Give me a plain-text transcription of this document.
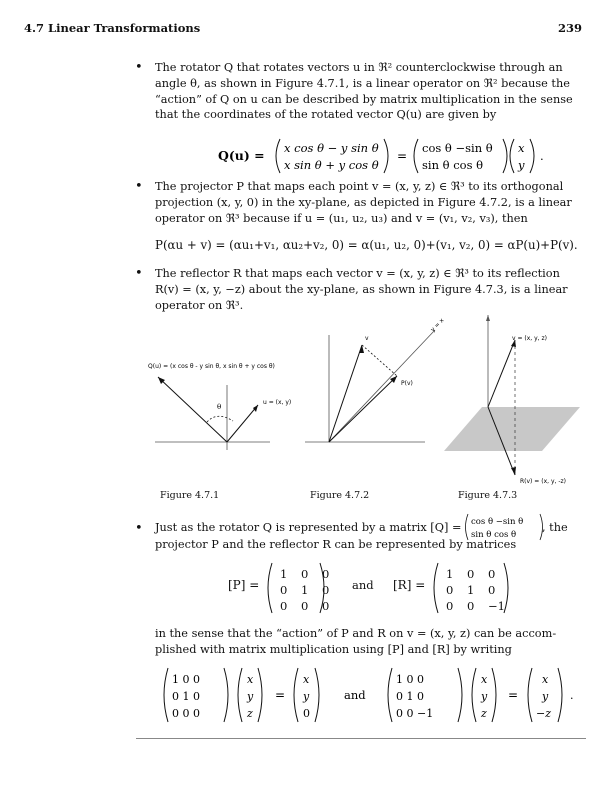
4.7 Linear Transformations	239
• The rotator Q that rotates vectors u in ℜ² counterclockwise through an
angle θ, as shown in Figure 4.7.1, is a linear operator on ℜ² because the
“action” of Q on u can be described by matrix multiplication in the sense
that the coordinates of the rotated vector Q(u) are given by
Q(u) = x cos θ − y sin θ
x sin θ + y cos θ
=
cos θ −sin θ
sin θ cos θ
x
y
.
• The projector P that maps each point v = (x, y, z) ∈ ℜ³ to its orthogonal
projection (x, y, 0) in the xy-plane, as depicted in Figure 4.7.2, is a linear
operator on ℜ³ because if u = (u₁, u₂, u₃) and v = (v₁, v₂, v₃), then
P(αu + v) = (αu₁+v₁, αu₂+v₂, 0) = α(u₁, u₂, 0)+(v₁, v₂, 0) = αP(u)+P(v).
• The reflector R that maps each vector v = (x, y, z) ∈ ℜ³ to its reflection
R(v) = (x, y, −z) about the xy-plane, as shown in Figure 4.7.3, is a linear
operator on ℜ³.
Q(u) = (x cos θ - y sin θ, x sin θ + y cos θ)
u = (x, y)
θ
Figure 4.7.1
v
P(v)
y = x
Figure 4.7.2
v = (x, y, z)
R(v) = (x, y, -z)
Figure 4.7.3
• Just as the rotator Q is represented by a matrix [Q] = cos θ −sin θ
sin θ cos θ
, the
projector P and the reflector R can be represented by matrices
[P] =
1 0 0
0 1 0
0 0 0
and [R] =
1 0 0
0 1 0
0 0 −1
in the sense that the “action” of P and R on v = (x, y, z) can be accom-
plished with matrix multiplication using [P] and [R] by writing
1 0 0
0 1 0
0 0 0
x
y
z
=
x
y
0
and
1 0 0
0 1 0
0 0 −1
x
y
z
=
x
y
−z
.
